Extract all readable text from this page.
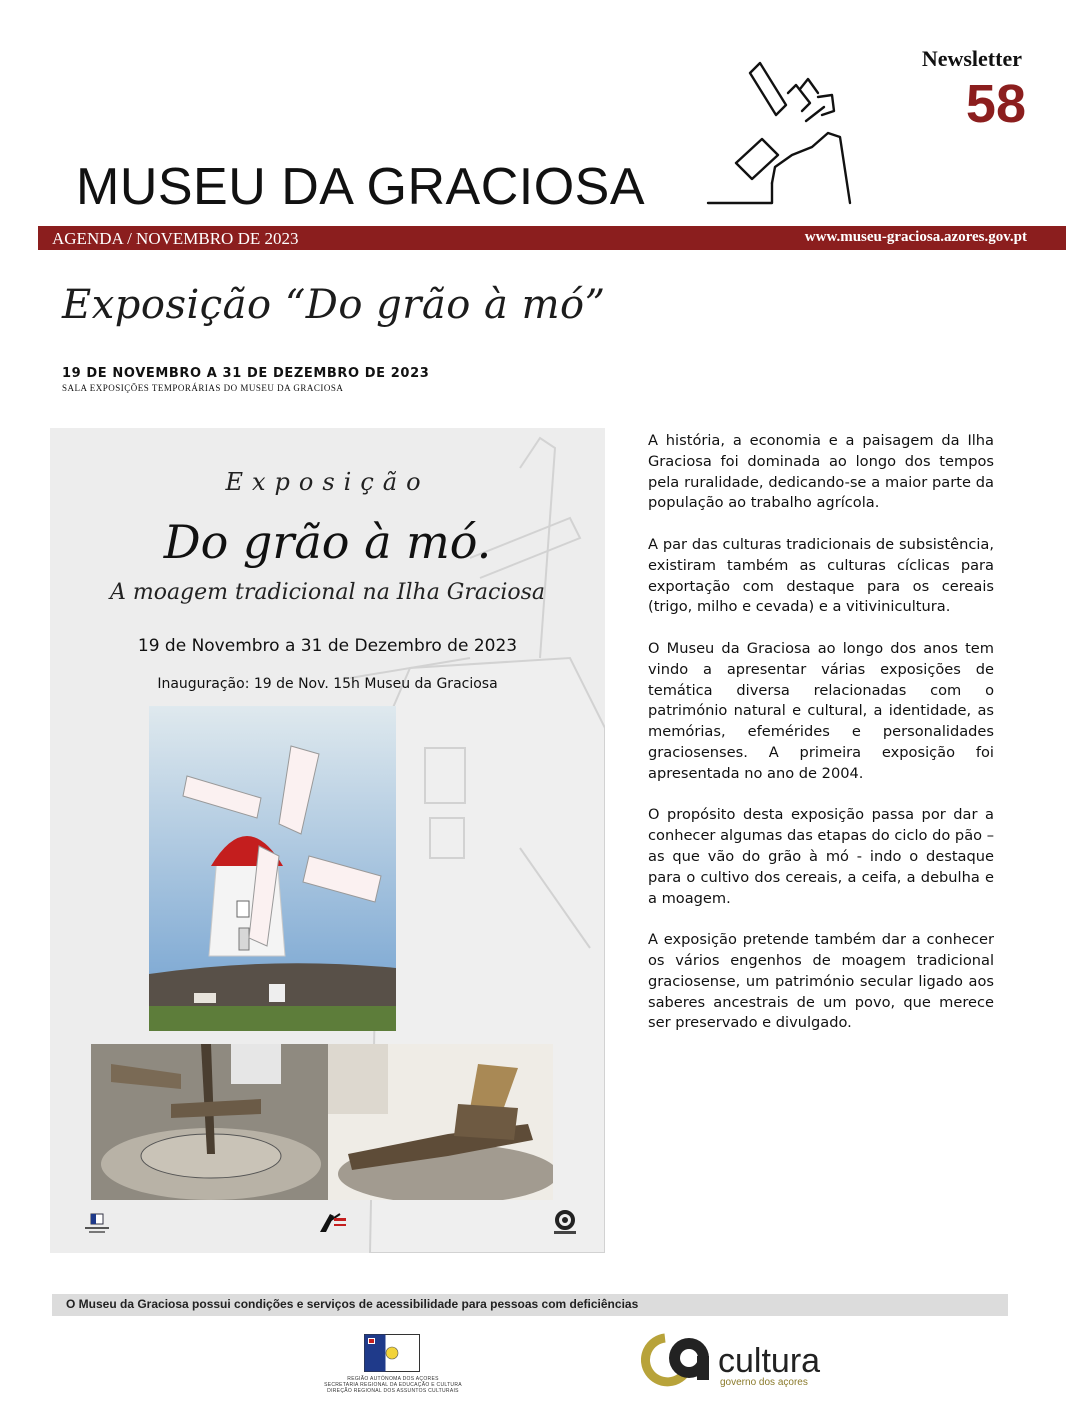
Newsletter
58
MUSEU DA GRACIOSA
AGENDA / NOVEMBRO DE 2023	www.museu-graciosa.azores.gov.pt
Exposição “Do grão à mó”
19 DE NOVEMBRO A 31 DE DEZEMBRO DE 2023
SALA EXPOSIÇÕES TEMPORÁRIAS DO MUSEU DA GRACIOSA
Exposição
Do grão à mó.
A moagem tradicional na Ilha Graciosa
19 de Novembro a 31 de Dezembro de 2023
Inauguração: 19 de Nov. 15h Museu da Graciosa

A história, a economia e a paisagem da Ilha Graciosa foi dominada ao longo dos tempos pela ruralidade, dedicando-se a maior parte da população ao trabalho agrícola.

A par das culturas tradicionais de subsistência, existiram também as culturas cíclicas para exportação com destaque para os cereais (trigo, milho e cevada) e a vitivinicultura.

O Museu da Graciosa ao longo dos anos tem vindo a apresentar várias exposições de temática diversa relacionadas com o património natural e cultural, a identidade, as memórias, efemérides e personalidades graciosenses. A primeira exposição foi apresentada no ano de 2004.

O propósito desta exposição passa por dar a conhecer algumas das etapas do ciclo do pão – as que vão do grão à mó - indo o destaque para o cultivo dos cereais, a ceifa, a debulha e a moagem.

A exposição pretende também dar a conhecer os vários engenhos de moagem tradicional graciosense, um património secular ligado aos saberes ancestrais de um povo, que merece ser preservado e divulgado.

O Museu da Graciosa possui condições e serviços de acessibilidade para pessoas com deficiências
REGIÃO AUTÓNOMA DOS AÇORES
SECRETARIA REGIONAL DA EDUCAÇÃO E CULTURA
DIREÇÃO REGIONAL DOS ASSUNTOS CULTURAIS
cultura
governo dos açores
